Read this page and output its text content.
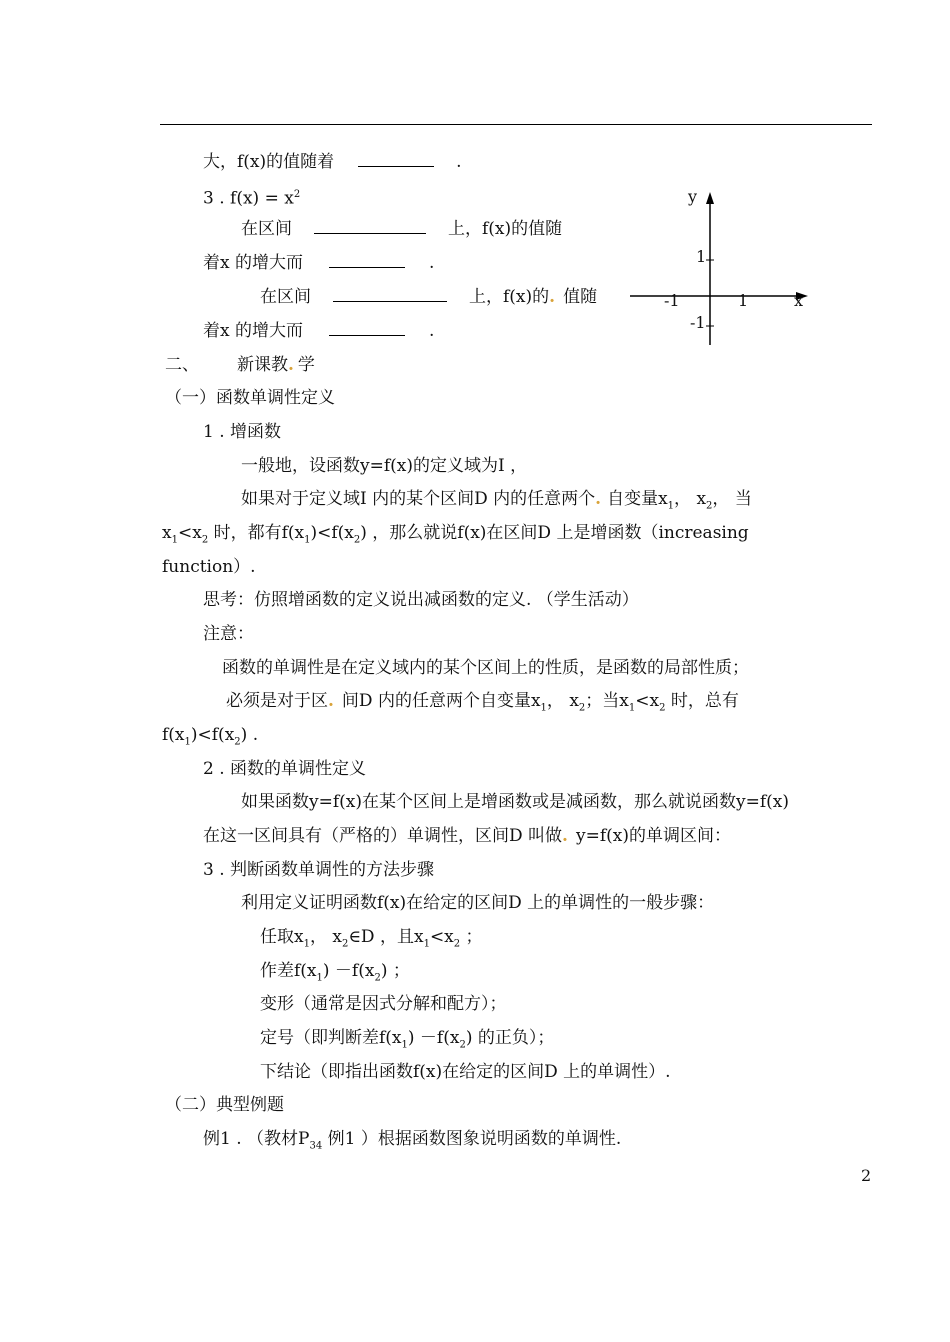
大，f(x)的值随着	.
3 . $f(x) = x^2$
在区间	上，f(x)的值随
着x 的增大而	.
在区间	上，f(x)的. 值随
着x 的增大而	.
y
x
1
-1
-1	1
二、 新课教. 学
（一）函数单调性定义
1 . 增函数
一般地，设函数y=f(x)的定义域为I ，
如果对于定义域I 内的某个区间D 内的任意两个. 自变量$x_1$， $x_2$， 当
$x_1<x_2$ 时，都有$f(x_1)<f(x_2)$ ，那么就说f(x)在区间D 上是增函数（increasing
function）.
思考：仿照增函数的定义说出减函数的定义. （学生活动）
注意：
函数的单调性是在定义域内的某个区间上的性质，是函数的局部性质；
必须是对于区. 间D 内的任意两个自变量$x_1$， $x_2$；当$x_1<x_2$ 时，总有
$f(x_1)<f(x_2)$ .
2 . 函数的单调性定义
如果函数y=f(x)在某个区间上是增函数或是减函数，那么就说函数y=f(x)
在这一区间具有（严格的）单调性，区间D 叫做. y=f(x)的单调区间：
3 . 判断函数单调性的方法步骤
利用定义证明函数f(x)在给定的区间D 上的单调性的一般步骤：
任取$x_1$， $x_2\in D$ ，且$x_1<x_2$ ；
作差$f(x_1) -f(x_2)$ ；
变形（通常是因式分解和配方）；
定号（即判断差$f(x_1) -f(x_2)$ 的正负）；
下结论（即指出函数f(x)在给定的区间D 上的单调性）.
（二）典型例题
例1 . （教材$P_{34}$ 例1 ）根据函数图象说明函数的单调性.
2
